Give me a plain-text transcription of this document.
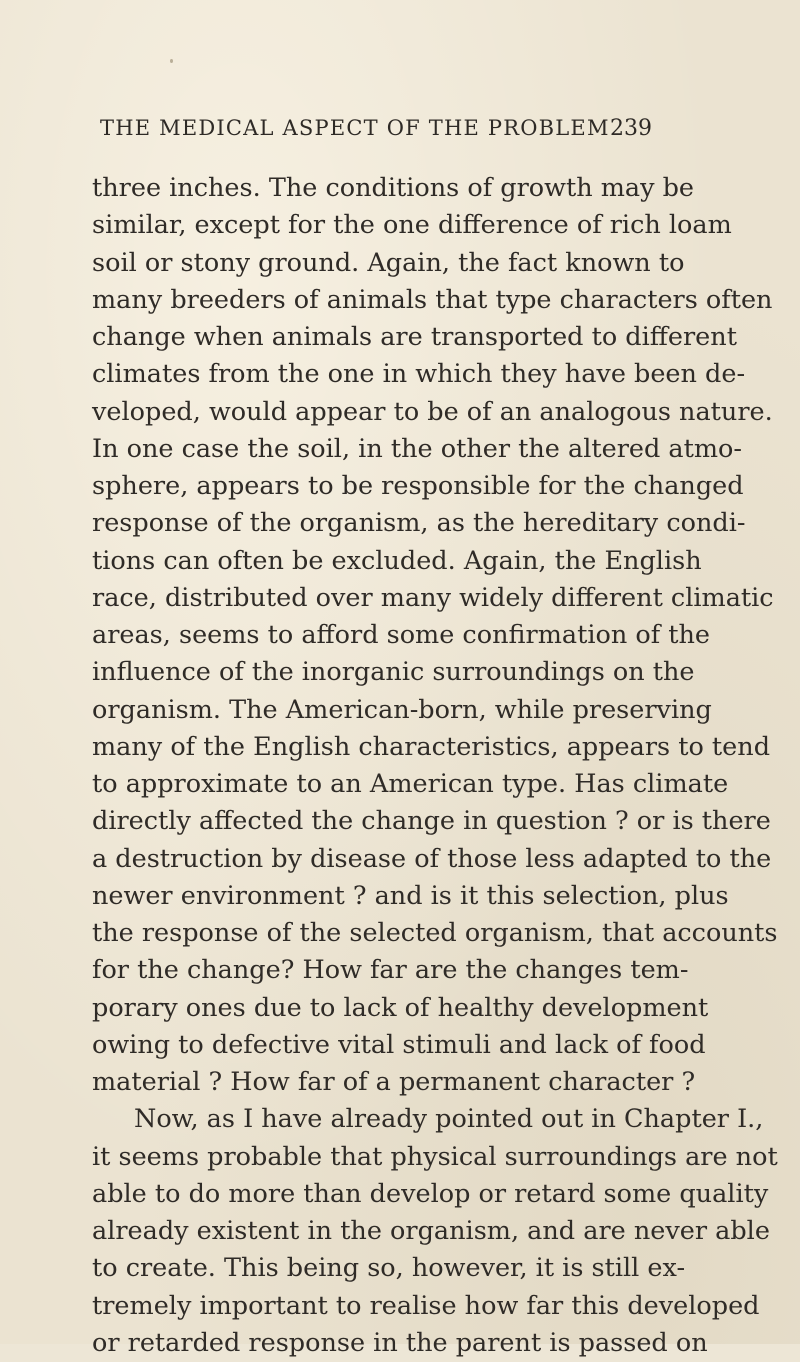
THE MEDICAL ASPECT OF THE PROBLEM 239
three inches. The conditions of growth may be
similar, except for the one difference of rich loam
soil or stony ground. Again, the fact known to
many breeders of animals that type characters often
change when animals are transported to different
climates from the one in which they have been de-
veloped, would appear to be of an analogous nature.
In one case the soil, in the other the altered atmo-
sphere, appears to be responsible for the changed
response of the organism, as the hereditary condi-
tions can often be excluded. Again, the English
race, distributed over many widely different climatic
areas, seems to afford some confirmation of the
influence of the inorganic surroundings on the
organism. The American-born, while preserving
many of the English characteristics, appears to tend
to approximate to an American type. Has climate
directly affected the change in question ? or is there
a destruction by disease of those less adapted to the
newer environment ? and is it this selection, plus
the response of the selected organism, that accounts
for the change? How far are the changes tem-
porary ones due to lack of healthy development
owing to defective vital stimuli and lack of food
material ? How far of a permanent character ?
Now, as I have already pointed out in Chapter I.,
it seems probable that physical surroundings are not
able to do more than develop or retard some quality
already existent in the organism, and are never able
to create. This being so, however, it is still ex-
tremely important to realise how far this developed
or retarded response in the parent is passed on
